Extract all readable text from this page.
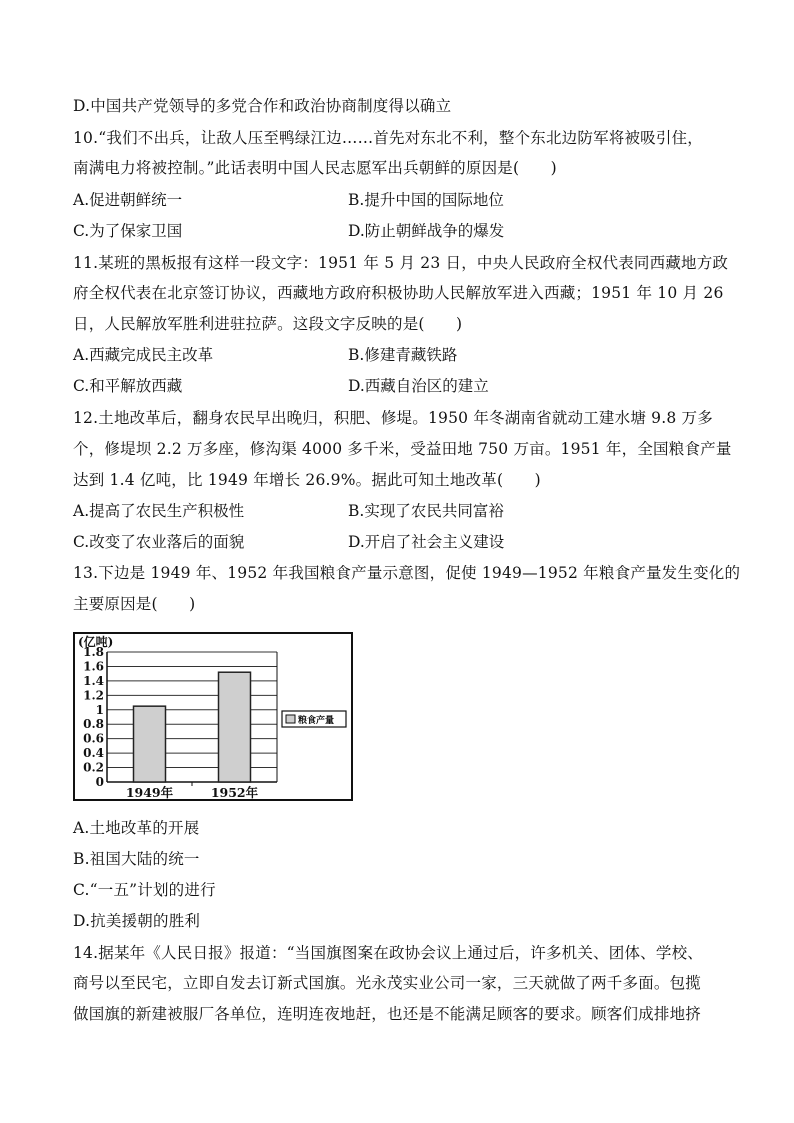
D.中国共产党领导的多党合作和政治协商制度得以确立
10.“我们不出兵，让敌人压至鸭绿江边……首先对东北不利，整个东北边防军将被吸引住，
南满电力将被控制。”此话表明中国人民志愿军出兵朝鲜的原因是(　　)
A.促进朝鲜统一	B.提升中国的国际地位
C.为了保家卫国	D.防止朝鲜战争的爆发
11.某班的黑板报有这样一段文字：1951 年 5 月 23 日，中央人民政府全权代表同西藏地方政
府全权代表在北京签订协议，西藏地方政府积极协助人民解放军进入西藏；1951 年 10 月 26
日，人民解放军胜利进驻拉萨。这段文字反映的是(　　)
A.西藏完成民主改革	B.修建青藏铁路
C.和平解放西藏	D.西藏自治区的建立
12.土地改革后，翻身农民早出晚归，积肥、修堤。1950 年冬湖南省就动工建水塘 9.8 万多
个，修堤坝 2.2 万多座，修沟渠 4000 多千米，受益田地 750 万亩。1951 年，全国粮食产量
达到 1.4 亿吨，比 1949 年增长 26.9%。据此可知土地改革(　　)
A.提高了农民生产积极性	B.实现了农民共同富裕
C.改变了农业落后的面貌	D.开启了社会主义建设
13.下边是 1949 年、1952 年我国粮食产量示意图，促使 1949—1952 年粮食产量发生变化的
主要原因是(　　)
0
0.2
0.4
0.6
0.8
1
1.2
1.4
1.6
1.8
(亿吨)
1949年	1952年
粮食产量
A.土地改革的开展
B.祖国大陆的统一
C.“一五”计划的进行
D.抗美援朝的胜利
14.据某年《人民日报》报道：“当国旗图案在政协会议上通过后，许多机关、团体、学校、
商号以至民宅，立即自发去订新式国旗。光永茂实业公司一家，三天就做了两千多面。包揽
做国旗的新建被服厂各单位，连明连夜地赶，也还是不能满足顾客的要求。顾客们成排地挤
